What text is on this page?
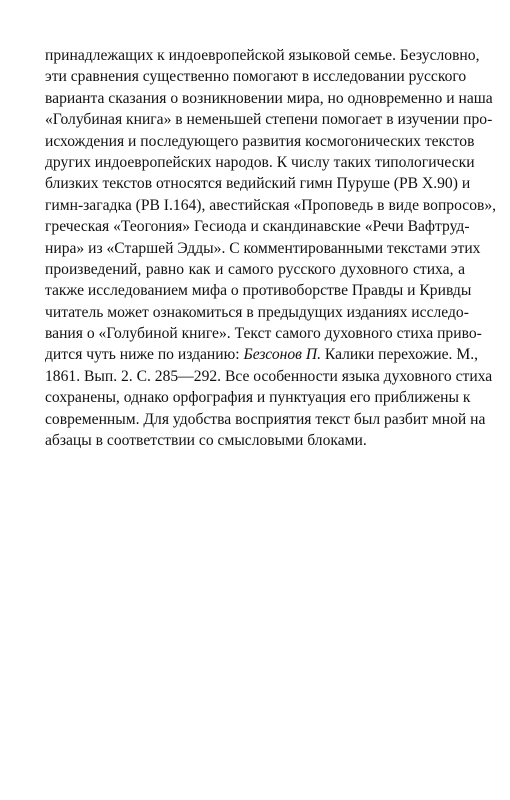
принадлежащих к индоевропейской языковой семье. Безусловно,
эти сравнения существенно помогают в исследовании русского
варианта сказания о возникновении мира, но одновременно и наша
«Голубиная книга» в неменьшей степени помогает в изучении про-
исхождения и последующего развития космогонических текстов
других индоевропейских народов. К числу таких типологически
близких текстов относятся ведийский гимн Пуруше (РВ X.90) и
гимн-загадка (РВ I.164), авестийская «Проповедь в виде вопросов»,
греческая «Теогония» Гесиода и скандинавские «Речи Вафтруд-
нира» из «Старшей Эдды». С комментированными текстами этих
произведений, равно как и самого русского духовного стиха, а
также исследованием мифа о противоборстве Правды и Кривды
читатель может ознакомиться в предыдущих изданиях исследо-
вания о «Голубиной книге». Текст самого духовного стиха приво-
дится чуть ниже по изданию: Безсонов П. Калики перехожие. М.,
1861. Вып. 2. С. 285—292. Все особенности языка духовного стиха
сохранены, однако орфография и пунктуация его приближены к
современным. Для удобства восприятия текст был разбит мной на
абзацы в соответствии со смысловыми блоками.
